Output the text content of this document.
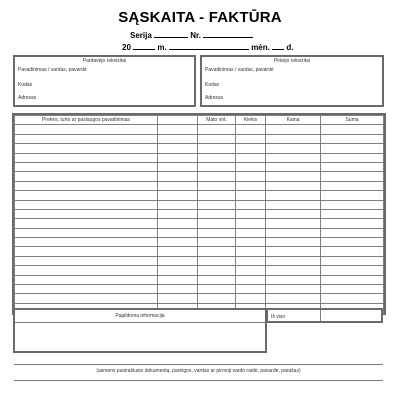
SĄSKAITA - FAKTŪRA
Serija	Nr.
20	m.	mėn. d.
Pardavėjo rekvizitai
Pavadinimas / vardas, pavardė
Kodas
Adresas
Pirkėjo rekvizitai
Pavadinimas / vardas, pavardė
Kodas
Adresas
Prekės, turto ar paslaugos pavadinimas		Mato vnt.	Kiekis	Kaina	Suma

Papildoma informacija	Iš viso
(asmens pasirašiusio dokumentą, pareigos, vardas ar pirmoji vardo raidė, pavardė, parašas)
